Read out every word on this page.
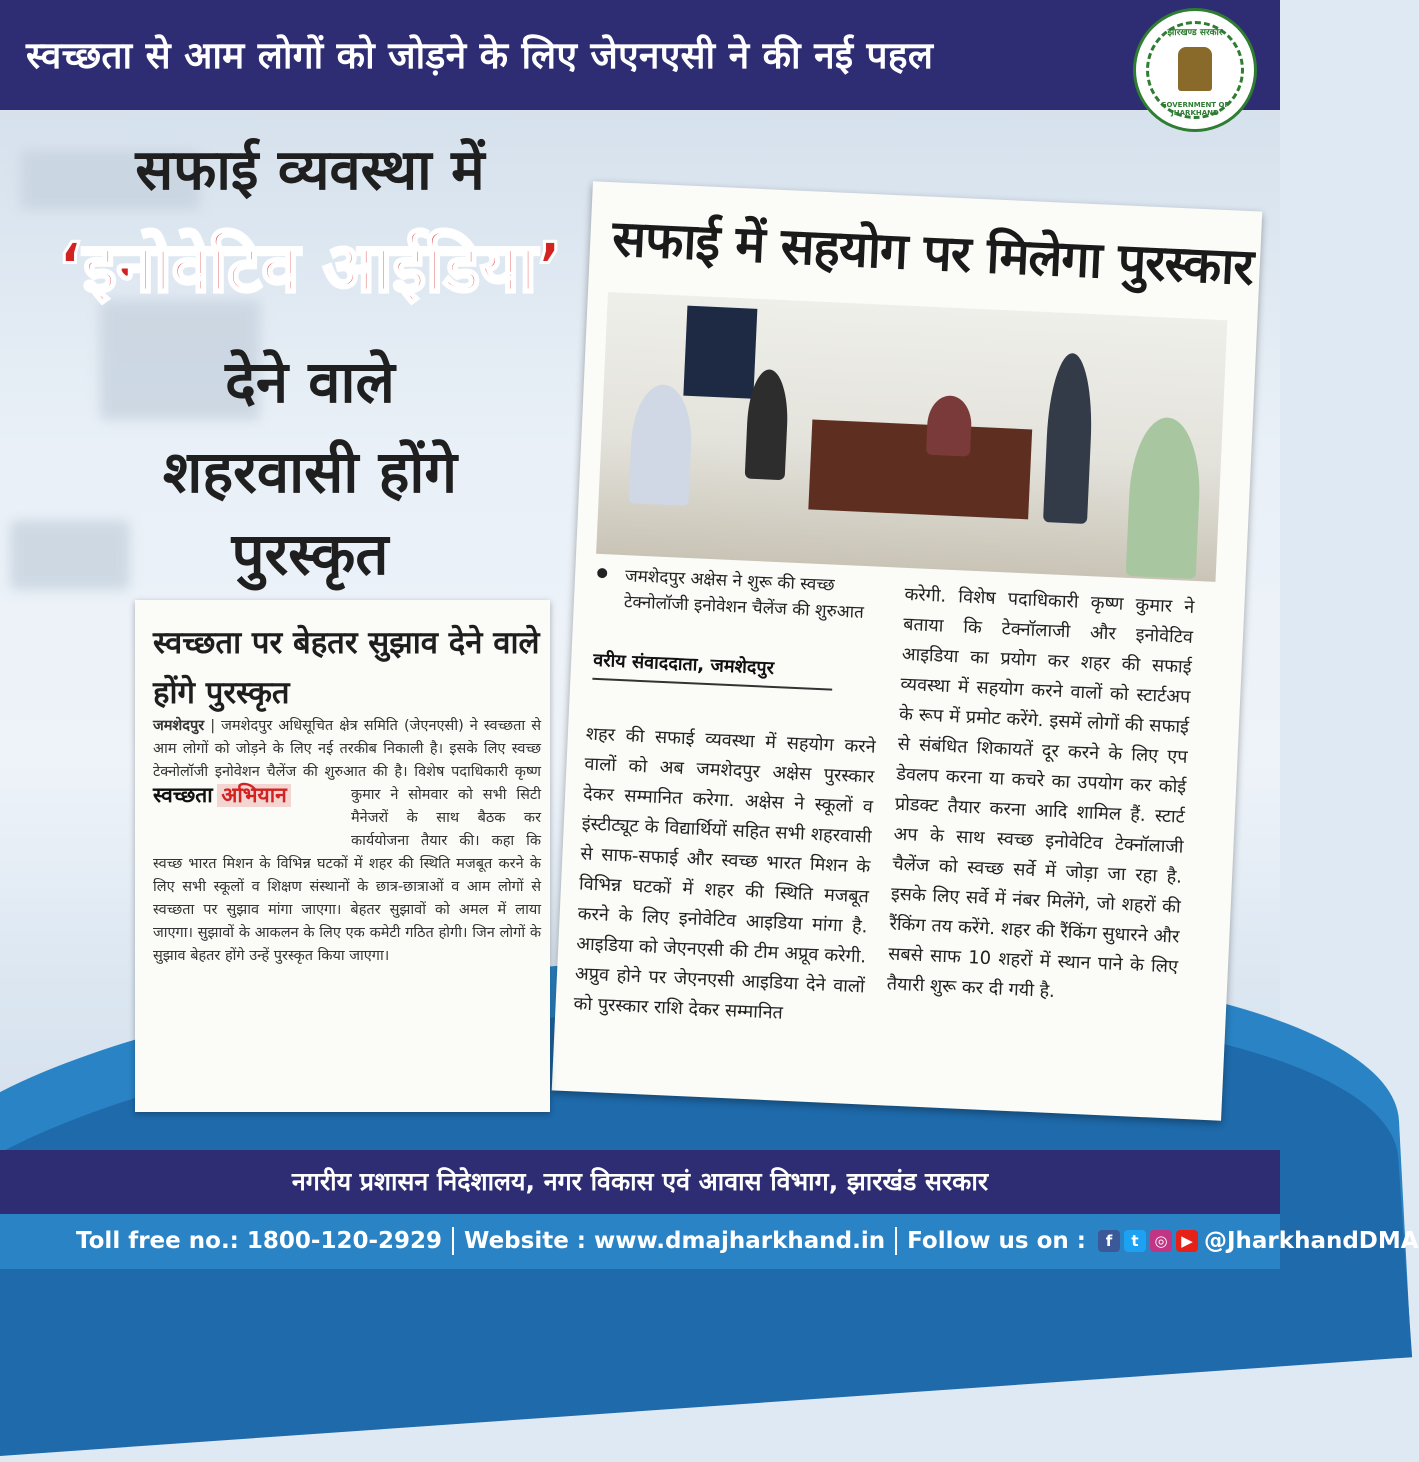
स्वच्छता से आम लोगों को जोड़ने के लिए जेएनएसी ने की नई पहल
झारखण्ड सरकार
GOVERNMENT OF JHARKHAND
सफाई व्यवस्था में
‘इनोवेटिव आईडिया’
देने वाले
शहरवासी होंगे
पुरस्कृत
सफाई में सहयोग पर मिलेगा पुरस्कार
जमशेदपुर अक्षेस ने शुरू की स्वच्छ टेक्नोलॉजी इनोवेशन चैलेंज की शुरुआत
वरीय संवाददाता, जमशेदपुर
शहर की सफाई व्यवस्था में सहयोग करने वालों को अब जमशेदपुर अक्षेस पुरस्कार देकर सम्मानित करेगा. अक्षेस ने स्कूलों व इंस्टीट्यूट के विद्यार्थियों सहित सभी शहरवासी से साफ-सफाई और स्वच्छ भारत मिशन के विभिन्न घटकों में शहर की स्थिति मजबूत करने के लिए इनोवेटिव आइडिया मांगा है. आइडिया को जेएनएसी की टीम अप्रूव करेगी. अप्रुव होने पर जेएनएसी आइडिया देने वालों को पुरस्कार राशि देकर सम्मानित
करेगी. विशेष पदाधिकारी कृष्ण कुमार ने बताया कि टेक्नॉलाजी और इनोवेटिव आइडिया का प्रयोग कर शहर की सफाई व्यवस्था में सहयोग करने वालों को स्टार्टअप के रूप में प्रमोट करेंगे. इसमें लोगों की सफाई से संबंधित शिकायतें दूर करने के लिए एप डेवलप करना या कचरे का उपयोग कर कोई प्रोडक्ट तैयार करना आदि शामिल हैं. स्टार्ट अप के साथ स्वच्छ इनोवेटिव टेक्नॉलाजी चैलेंज को स्वच्छ सर्वे में जोड़ा जा रहा है. इसके लिए सर्वे में नंबर मिलेंगे, जो शहरों की रैंकिंग तय करेंगे. शहर की रैंकिंग सुधारने और सबसे साफ 10 शहरों में स्थान पाने के लिए तैयारी शुरू कर दी गयी है.
स्वच्छता पर बेहतर सुझाव देने वाले होंगे पुरस्कृत
जमशेदपुर | जमशेदपुर अधिसूचित क्षेत्र समिति (जेएनएसी) ने स्वच्छता से आम लोगों को जोड़ने के लिए नई तरकीब निकाली है। इसके लिए स्वच्छ टेक्नोलॉजी इनोवेशन चैलेंज की शुरुआत की है। विशेष पदाधिकारी कृष्ण कुमार ने सोमवार को सभी सिटी
स्वच्छता अभियान
मैनेजरों के साथ बैठक कर कार्ययोजना तैयार की। कहा कि स्वच्छ भारत मिशन के विभिन्न घटकों में शहर की स्थिति मजबूत करने के लिए सभी स्कूलों व शिक्षण संस्थानों के छात्र-छात्राओं व आम लोगों से स्वच्छता पर सुझाव मांगा जाएगा। बेहतर सुझावों को अमल में लाया जाएगा। सुझावों के आकलन के लिए एक कमेटी गठित होगी। जिन लोगों के सुझाव बेहतर होंगे उन्हें पुरस्कृत किया जाएगा।
नगरीय प्रशासन निदेशालय, नगर विकास एवं आवास विभाग, झारखंड सरकार
Toll free no.: 1800-120-2929 Website : www.dmajharkhand.in Follow us on :	f	t	◎ ▶ @JharkhandDMA
